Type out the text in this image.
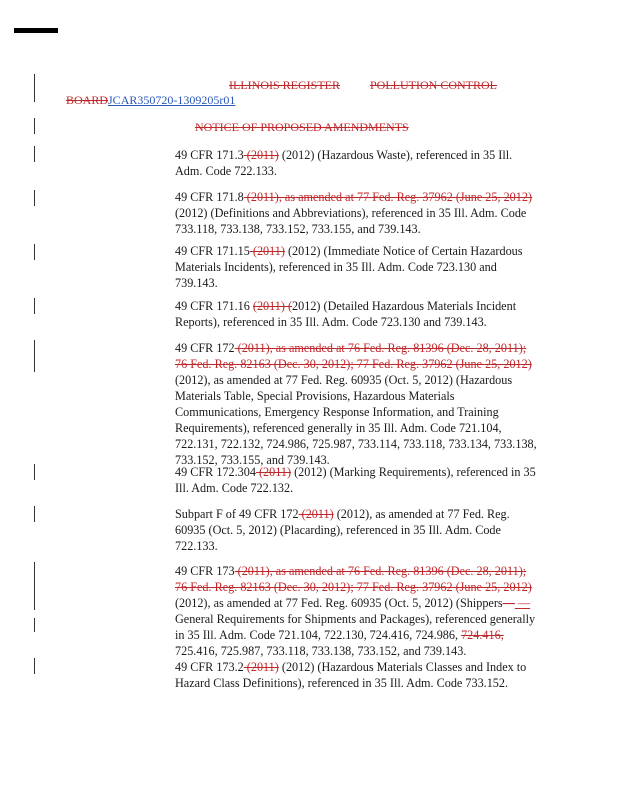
ILLINOIS REGISTER	POLLUTION CONTROL
BOARDJCAR350720-1309205r01
NOTICE OF PROPOSED AMENDMENTS
49 CFR 171.3 (2011) (2012) (Hazardous Waste), referenced in 35 Ill. Adm. Code 722.133.
49 CFR 171.8 (2011), as amended at 77 Fed. Reg. 37962 (June 25, 2012) (2012) (Definitions and Abbreviations), referenced in 35 Ill. Adm. Code 733.118, 733.138, 733.152, 733.155, and 739.143.
49 CFR 171.15 (2011) (2012) (Immediate Notice of Certain Hazardous Materials Incidents), referenced in 35 Ill. Adm. Code 723.130 and 739.143.
49 CFR 171.16 (2011) (2012) (Detailed Hazardous Materials Incident Reports), referenced in 35 Ill. Adm. Code 723.130 and 739.143.
49 CFR 172 (2011), as amended at 76 Fed. Reg. 81396 (Dec. 28, 2011); 76 Fed. Reg. 82163 (Dec. 30, 2012); 77 Fed. Reg. 37962 (June 25, 2012) (2012), as amended at 77 Fed. Reg. 60935 (Oct. 5, 2012) (Hazardous Materials Table, Special Provisions, Hazardous Materials Communications, Emergency Response Information, and Training Requirements), referenced generally in 35 Ill. Adm. Code 721.104, 722.131, 722.132, 724.986, 725.987, 733.114, 733.118, 733.134, 733.138, 733.152, 733.155, and 739.143.
49 CFR 172.304 (2011) (2012) (Marking Requirements), referenced in 35 Ill. Adm. Code 722.132.
Subpart F of 49 CFR 172 (2011) (2012), as amended at 77 Fed. Reg. 60935 (Oct. 5, 2012) (Placarding), referenced in 35 Ill. Adm. Code 722.133.
49 CFR 173 (2011), as amended at 76 Fed. Reg. 81396 (Dec. 28, 2011); 76 Fed. Reg. 82163 (Dec. 30, 2012); 77 Fed. Reg. 37962 (June 25, 2012) (2012), as amended at 77 Fed. Reg. 60935 (Oct. 5, 2012) (Shippers— — General Requirements for Shipments and Packages), referenced generally in 35 Ill. Adm. Code 721.104, 722.130, 724.416, 724.986, 724.416, 725.416, 725.987, 733.118, 733.138, 733.152, and 739.143.
49 CFR 173.2 (2011) (2012) (Hazardous Materials Classes and Index to Hazard Class Definitions), referenced in 35 Ill. Adm. Code 733.152.
